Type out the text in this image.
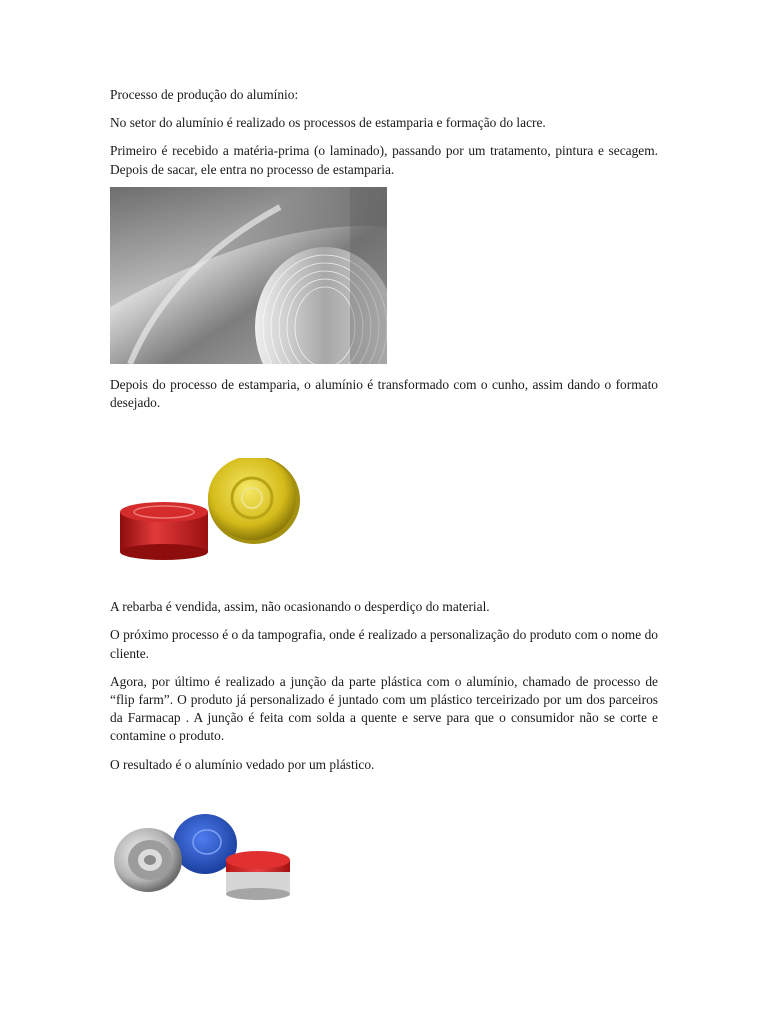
Processo de produção do alumínio:

No setor do alumínio é realizado os processos de estamparia e formação do lacre.

Primeiro é recebido a matéria-prima (o laminado), passando por um tratamento, pintura e secagem. Depois de sacar, ele entra no processo de estamparia.

Depois do processo de estamparia, o alumínio é transformado com o cunho, assim dando o formato desejado.

A rebarba é vendida, assim, não ocasionando o desperdiço do material.

O próximo processo é o da tampografia, onde é realizado a personalização do produto com o nome do cliente.

Agora, por último é realizado a junção da parte plástica com o alumínio, chamado de processo de “flip farm”. O produto já personalizado é juntado com um plástico terceirizado por um dos parceiros da Farmacap . A junção é feita com solda a quente e serve para que o consumidor não se corte e contamine o produto.

O resultado é o alumínio vedado por um plástico.
